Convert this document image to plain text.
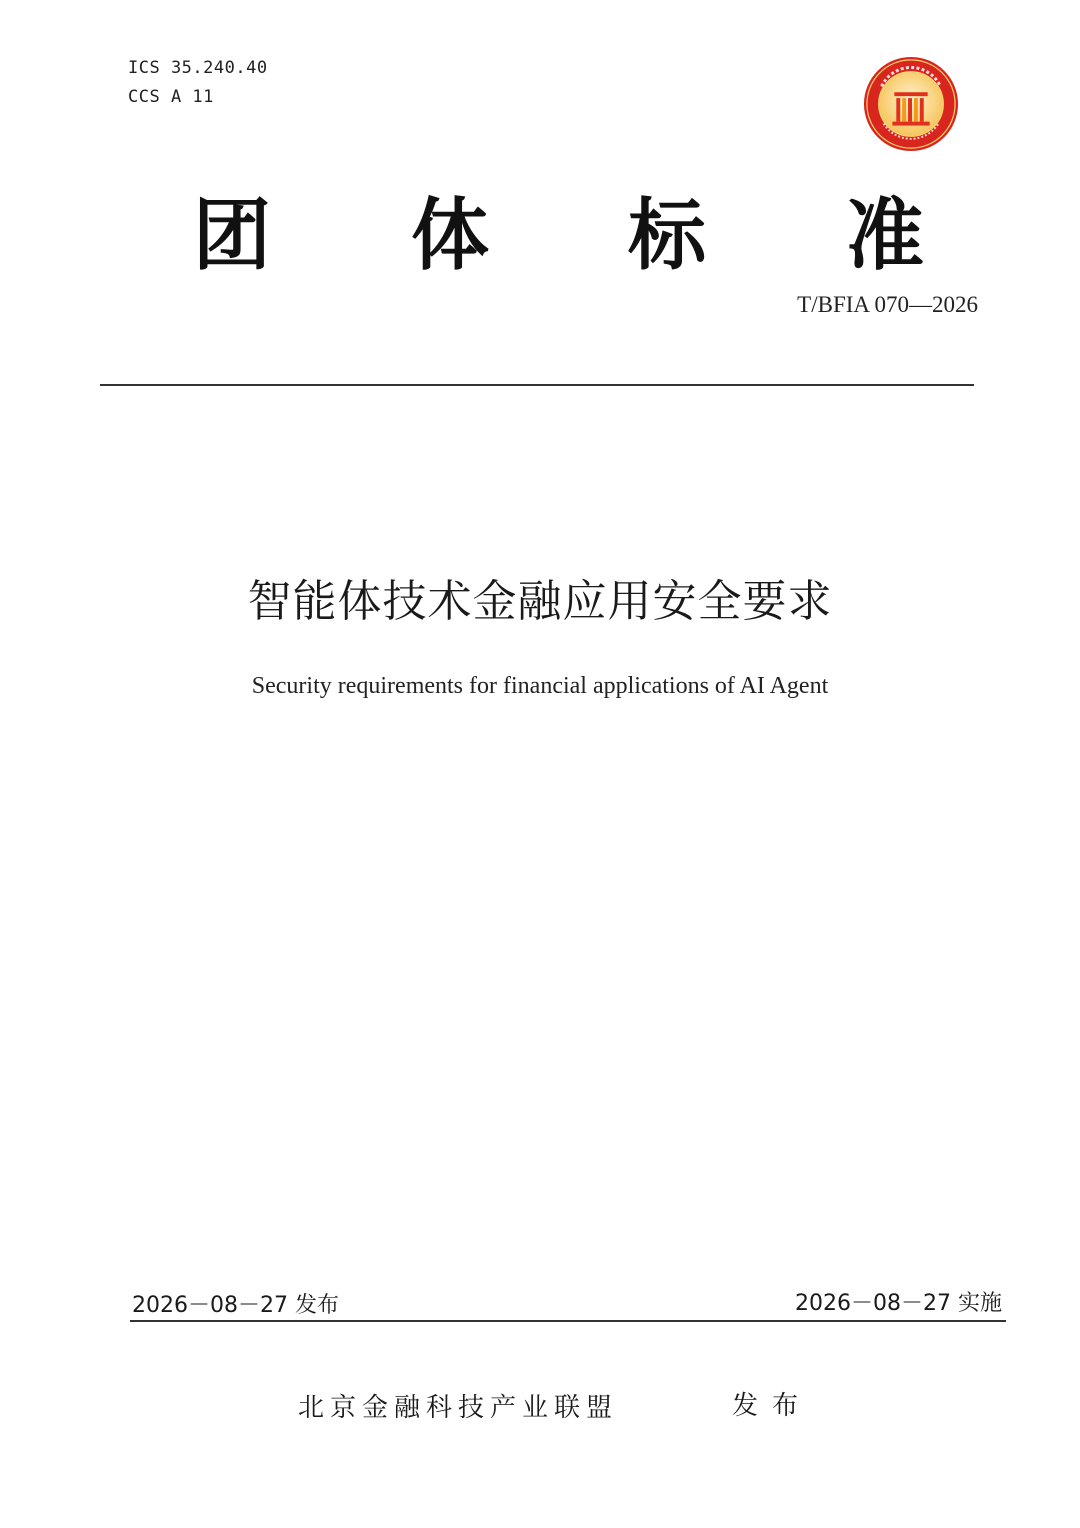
ICS 35.240.40
CCS A 11
团 体 标 准
T/BFIA 070—2026
智能体技术金融应用安全要求
Security requirements for financial applications of AI Agent
2026－08－27 发布	2026－08－27 实施
北京金融科技产业联盟	发布
